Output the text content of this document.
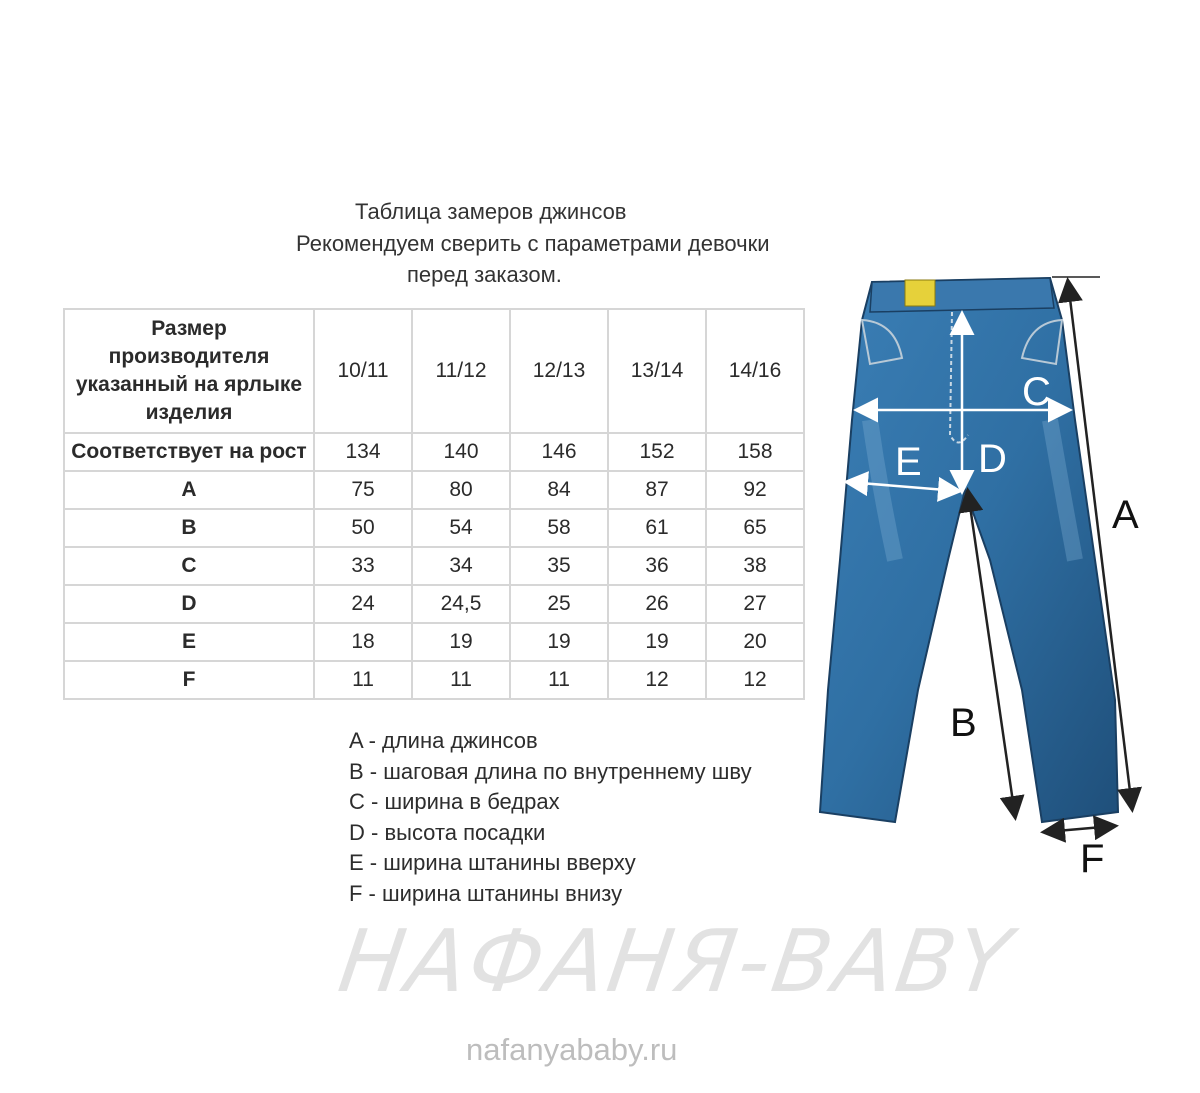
Таблица замеров джинсов
Рекомендуем сверить с параметрами девочки
перед заказом.
Размер производителя указанный на ярлыке изделия	10/11	11/12	12/13	13/14	14/16
Соответствует на рост	134	140	146	152	158
A	75	80	84	87	92
B	50	54	58	61	65
C	33	34	35	36	38
D	24	24,5	25	26	27
E	18	19	19	19	20
F	11	11	11	12	12
A - длина джинсов
B - шаговая длина по внутреннему шву
C - ширина в бедрах
D - высота посадки
E - ширина штанины вверху
F - ширина штанины внизу
C
D
E
A
B
F
НАФАНЯ-BABY
nafanyababy.ru
